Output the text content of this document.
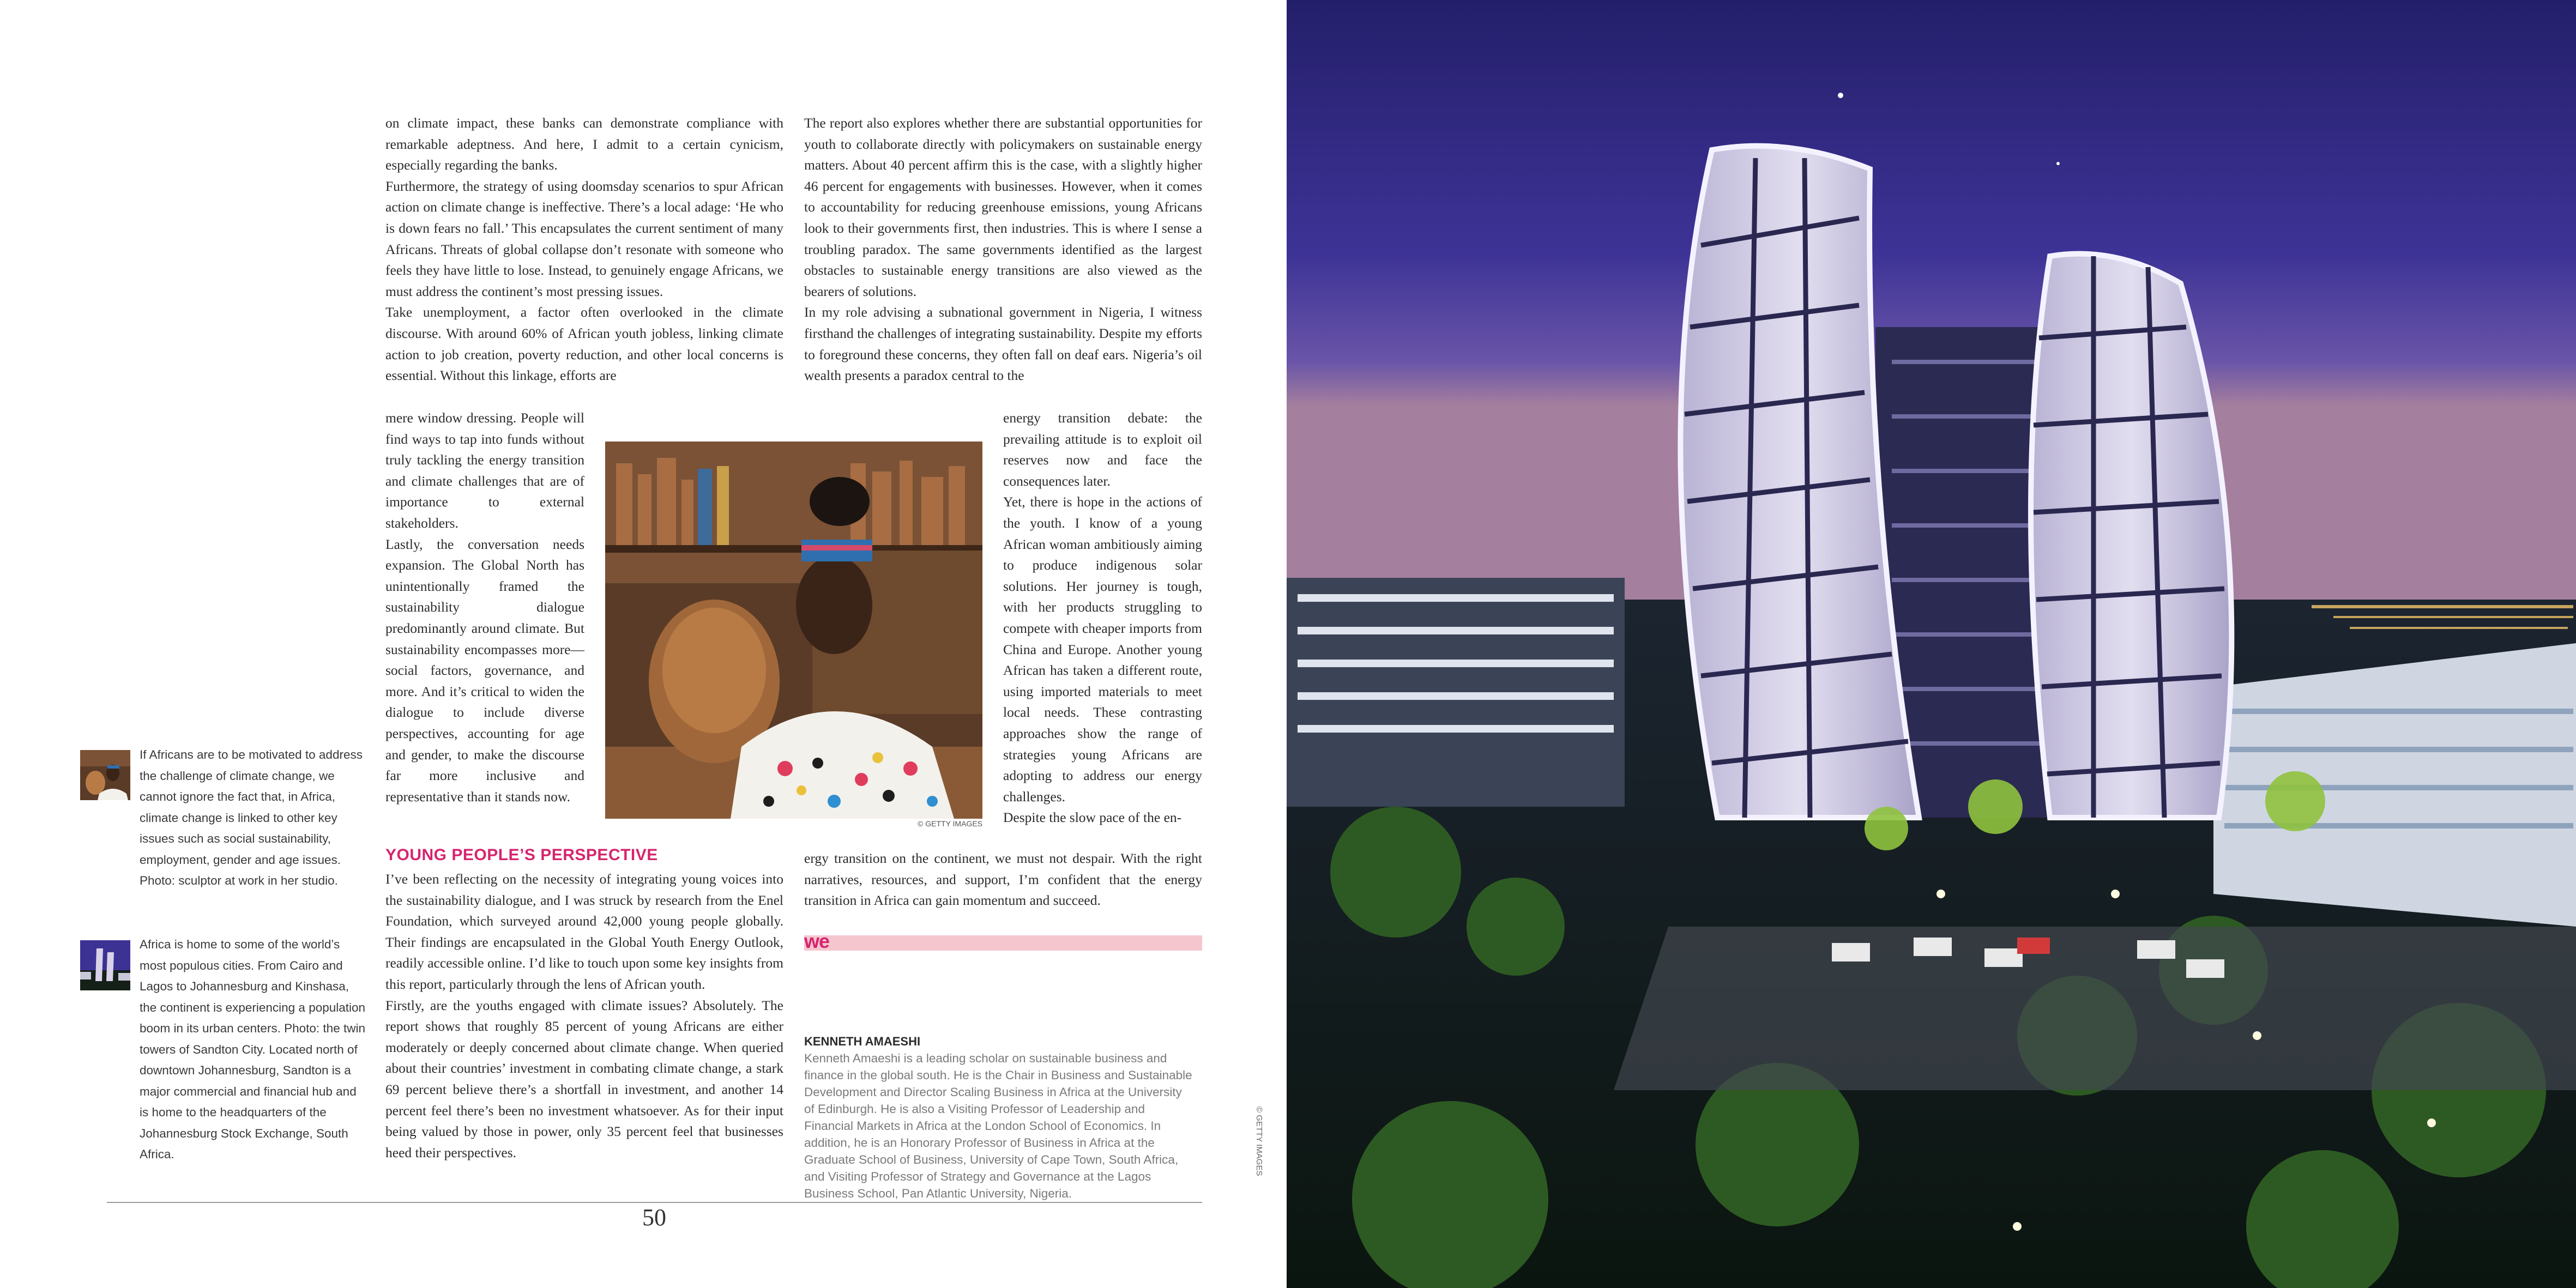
on climate impact, these banks can demonstrate compliance with remarkable adeptness. And here, I admit to a certain cynicism, especially regarding the banks.

Furthermore, the strategy of using doomsday scenarios to spur African action on climate change is ineffective. There’s a local adage: ‘He who is down fears no fall.’ This encapsulates the current sentiment of many Africans. Threats of global collapse don’t resonate with someone who feels they have little to lose. Instead, to genuinely engage Africans, we must address the continent’s most pressing issues.

Take unemployment, a factor often overlooked in the climate discourse. With around 60% of African youth jobless, linking climate action to job creation, poverty reduction, and other local concerns is essential. Without this linkage, efforts are

mere window dressing. People will find ways to tap into funds without truly tackling the energy transition and climate challenges that are of importance to external stakeholders.

Lastly, the conversation needs expansion. The Global North has unintentionally framed the sustainability dialogue predominantly around climate. But sustainability encompasses more—social factors, governance, and more. And it’s critical to widen the dialogue to include diverse perspectives, accounting for age and gender, to make the discourse far more inclusive and representative than it stands now.

© GETTY IMAGES

The report also explores whether there are substantial opportunities for youth to collaborate directly with policymakers on sustainable energy matters. About 40 percent affirm this is the case, with a slightly higher 46 percent for engagements with businesses. However, when it comes to accountability for reducing greenhouse emissions, young Africans look to their governments first, then industries. This is where I sense a troubling paradox. The same governments identified as the largest obstacles to sustainable energy transitions are also viewed as the bearers of solutions.

In my role advising a subnational government in Nigeria, I witness firsthand the challenges of integrating sustainability. Despite my efforts to foreground these concerns, they often fall on deaf ears. Nigeria’s oil wealth presents a paradox central to the

energy transition debate: the prevailing attitude is to exploit oil reserves now and face the consequences later.

Yet, there is hope in the actions of the youth. I know of a young African woman ambitiously aiming to produce indigenous solar solutions. Her journey is tough, with her products struggling to compete with cheaper imports from China and Europe. Another young African has taken a different route, using imported materials to meet local needs. These contrasting approaches show the range of strategies young Africans are adopting to address our energy challenges.

Despite the slow pace of the en-

YOUNG PEOPLE’S PERSPECTIVE

I’ve been reflecting on the necessity of integrating young voices into the sustainability dialogue, and I was struck by research from the Enel Foundation, which surveyed around 42,000 young people globally. Their findings are encapsulated in the Global Youth Energy Outlook, readily accessible online. I’d like to touch upon some key insights from this report, particularly through the lens of African youth.

Firstly, are the youths engaged with climate issues? Absolutely. The report shows that roughly 85 percent of young Africans are either moderately or deeply concerned about climate change. When queried about their countries’ investment in combating climate change, a stark 69 percent believe there’s a shortfall in investment, and another 14 percent feel there’s been no investment whatsoever. As for their input being valued by those in power, only 35 percent feel that businesses heed their perspectives.

ergy transition on the continent, we must not despair. With the right narratives, resources, and support, I’m confident that the energy transition in Africa can gain momentum and succeed.

we
KENNETH AMAESHI
Kenneth Amaeshi is a leading scholar on sustainable business and finance in the global south. He is the Chair in Business and Sustainable Development and Director Scaling Business in Africa at the University of Edinburgh. He is also a Visiting Professor of Leadership and Financial Markets in Africa at the London School of Economics. In addition, he is an Honorary Professor of Business in Africa at the Graduate School of Business, University of Cape Town, South Africa, and Visiting Professor of Strategy and Governance at the Lagos Business School, Pan Atlantic University, Nigeria.
If Africans are to be motivated to address the challenge of climate change, we cannot ignore the fact that, in Africa, climate change is linked to other key issues such as social sustainability, employment, gender and age issues. Photo: sculptor at work in her studio.
Africa is home to some of the world’s most populous cities. From Cairo and Lagos to Johannesburg and Kinshasa, the continent is experiencing a population boom in its urban centers. Photo: the twin towers of Sandton City. Located north of downtown Johannesburg, Sandton is a major commercial and financial hub and is home to the headquarters of the Johannesburg Stock Exchange, South Africa.
50
© GETTY IMAGES
